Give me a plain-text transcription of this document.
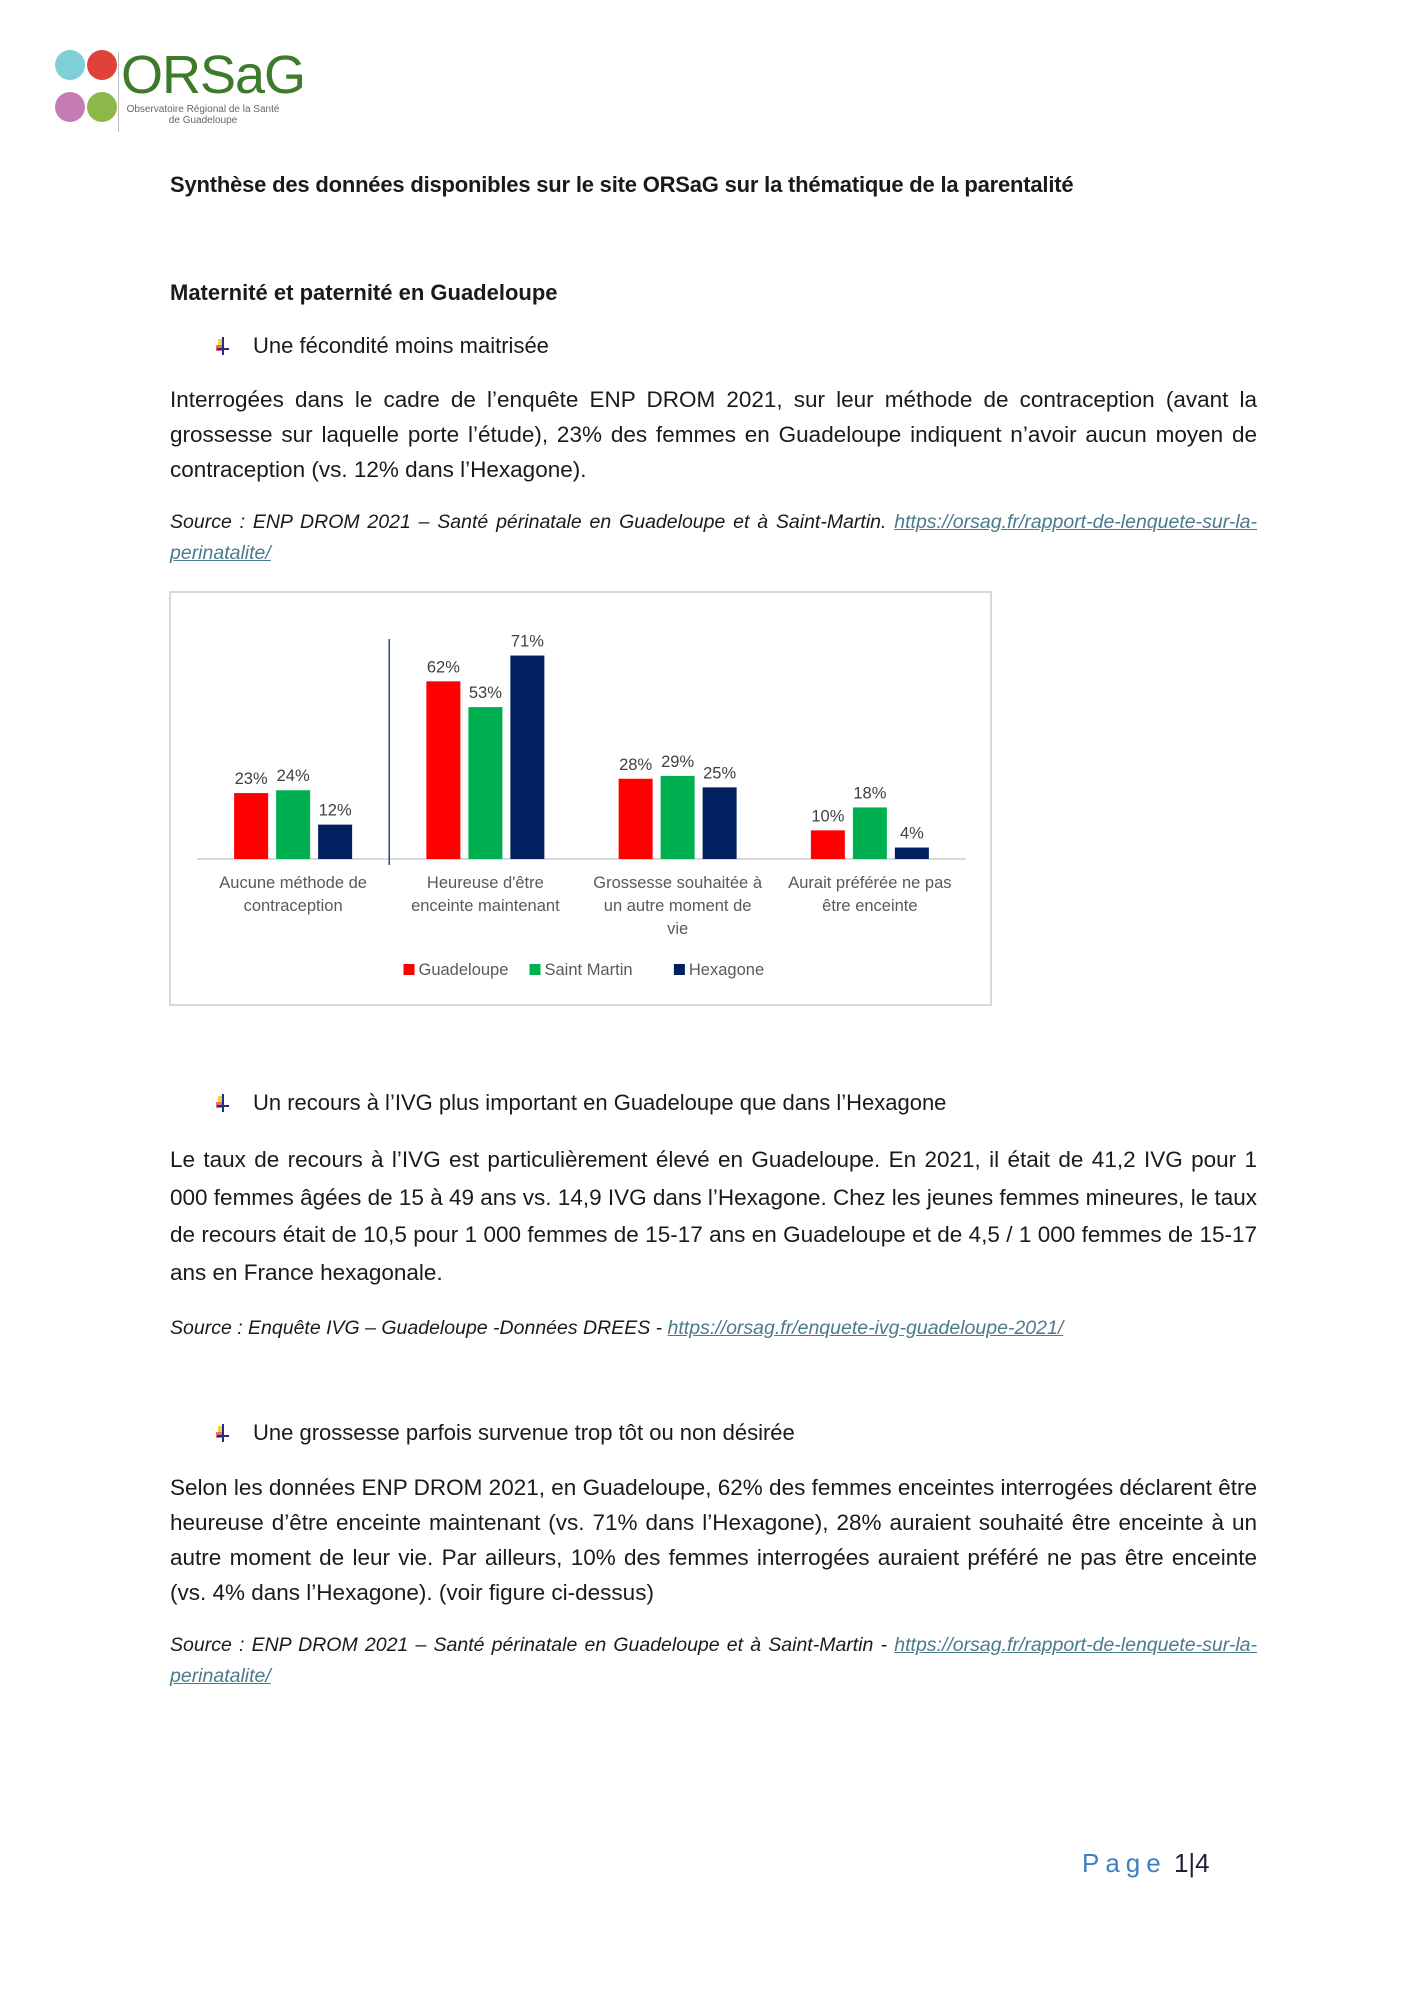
ORSaG
Observatoire Régional de la Santé
de Guadeloupe
Synthèse des données disponibles sur le site ORSaG sur la thématique de la parentalité
Maternité et paternité en Guadeloupe
Une fécondité moins maitrisée
Interrogées dans le cadre de l’enquête ENP DROM 2021, sur leur méthode de contraception (avant la grossesse sur laquelle porte l’étude), 23% des femmes en Guadeloupe indiquent n’avoir aucun moyen de contraception (vs. 12% dans l’Hexagone).
Source : ENP DROM 2021 – Santé périnatale en Guadeloupe et à Saint-Martin. https://orsag.fr/rapport-de-lenquete-sur-la-perinatalite/
23% 24%
12%
Aucune méthode de
contraception
62%
53%
71%
Heureuse d'être
enceinte maintenant
28% 29%
25%
Grossesse souhaitée à
un autre moment de
vie
10%
18%
4%
Aurait préférée ne pas
être enceinte
Guadeloupe Saint Martin	Hexagone
Un recours à l’IVG plus important en Guadeloupe que dans l’Hexagone
Le taux de recours à l’IVG est particulièrement élevé en Guadeloupe. En 2021, il était de 41,2 IVG pour 1 000 femmes âgées de 15 à 49 ans vs. 14,9 IVG dans l’Hexagone. Chez les jeunes femmes mineures, le taux de recours était de 10,5 pour 1 000 femmes de 15-17 ans en Guadeloupe et de 4,5 / 1 000 femmes de 15-17 ans en France hexagonale.
Source : Enquête IVG – Guadeloupe -Données DREES - https://orsag.fr/enquete-ivg-guadeloupe-2021/
Une grossesse parfois survenue trop tôt ou non désirée
Selon les données ENP DROM 2021, en Guadeloupe, 62% des femmes enceintes interrogées déclarent être heureuse d’être enceinte maintenant (vs. 71% dans l’Hexagone), 28% auraient souhaité être enceinte à un autre moment de leur vie. Par ailleurs, 10% des femmes interrogées auraient préféré ne pas être enceinte (vs. 4% dans l’Hexagone). (voir figure ci-dessus)
Source : ENP DROM 2021 – Santé périnatale en Guadeloupe et à Saint-Martin - https://orsag.fr/rapport-de-lenquete-sur-la-perinatalite/
Page 1|4
